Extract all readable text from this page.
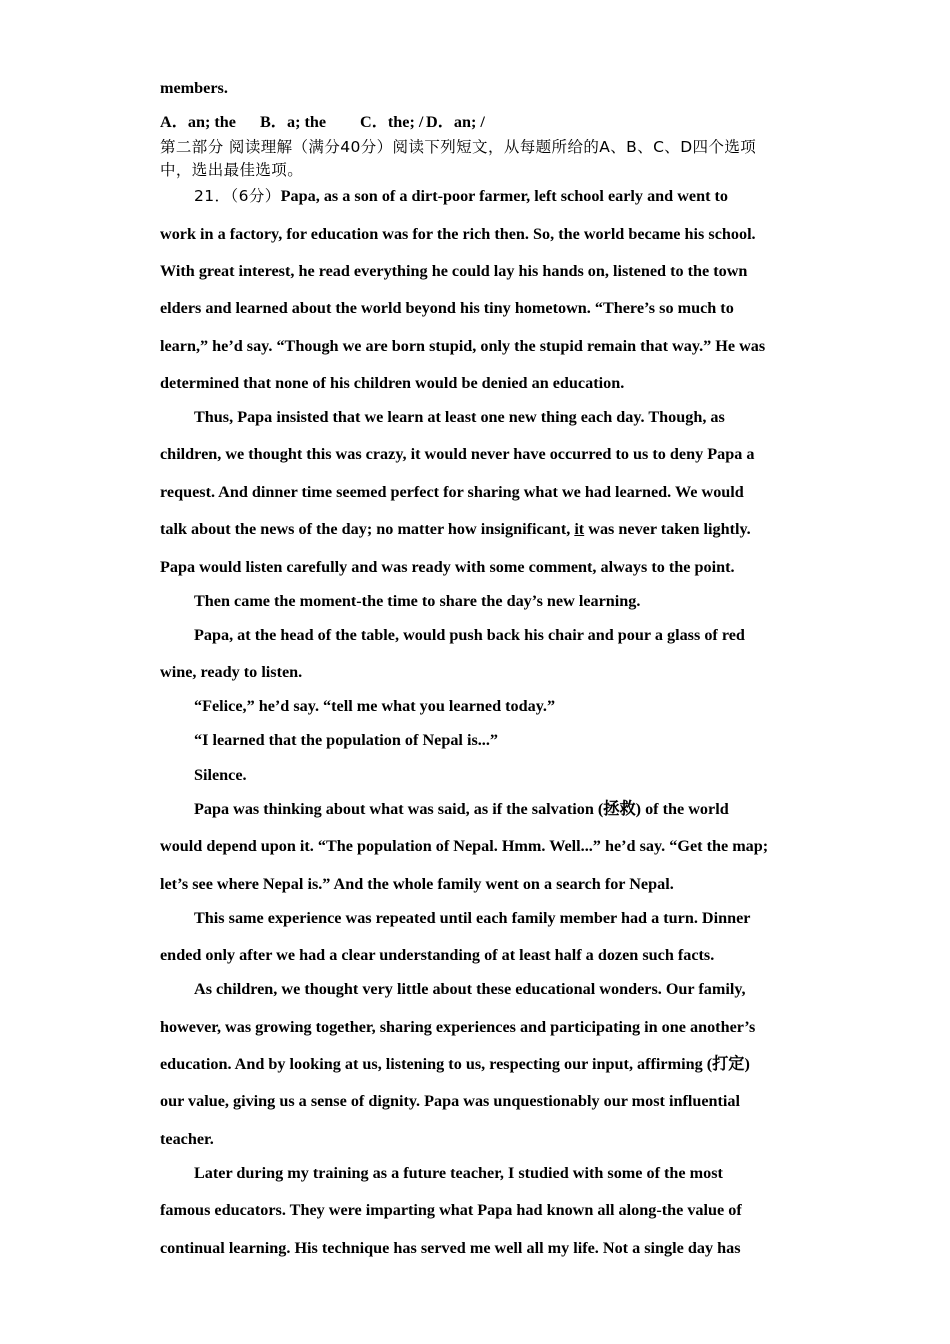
members.
A．an; the B．a; the C．the; / D．an; /
第二部分 阅读理解（满分40分）阅读下列短文，从每题所给的A、B、C、D四个选项
中，选出最佳选项。
21．（6分）Papa, as a son of a dirt-poor farmer, left school early and went to
work in a factory, for education was for the rich then. So, the world became his school.
With great interest, he read everything he could lay his hands on, listened to the town
elders and learned about the world beyond his tiny hometown. “There’s so much to
learn,” he’d say. “Though we are born stupid, only the stupid remain that way.” He was
determined that none of his children would be denied an education.
Thus, Papa insisted that we learn at least one new thing each day. Though, as
children, we thought this was crazy, it would never have occurred to us to deny Papa a
request. And dinner time seemed perfect for sharing what we had learned. We would
talk about the news of the day; no matter how insignificant, it was never taken lightly.
Papa would listen carefully and was ready with some comment, always to the point.
Then came the moment-the time to share the day’s new learning.
Papa, at the head of the table, would push back his chair and pour a glass of red
wine, ready to listen.
“Felice,” he’d say. “tell me what you learned today.”
“I learned that the population of Nepal is...”
Silence.
Papa was thinking about what was said, as if the salvation (拯救) of the world
would depend upon it. “The population of Nepal. Hmm. Well...” he’d say. “Get the map;
let’s see where Nepal is.” And the whole family went on a search for Nepal.
This same experience was repeated until each family member had a turn. Dinner
ended only after we had a clear understanding of at least half a dozen such facts.
As children, we thought very little about these educational wonders. Our family,
however, was growing together, sharing experiences and participating in one another’s
education. And by looking at us, listening to us, respecting our input, affirming (打定)
our value, giving us a sense of dignity. Papa was unquestionably our most influential
teacher.
Later during my training as a future teacher, I studied with some of the most
famous educators. They were imparting what Papa had known all along-the value of
continual learning. His technique has served me well all my life. Not a single day has
